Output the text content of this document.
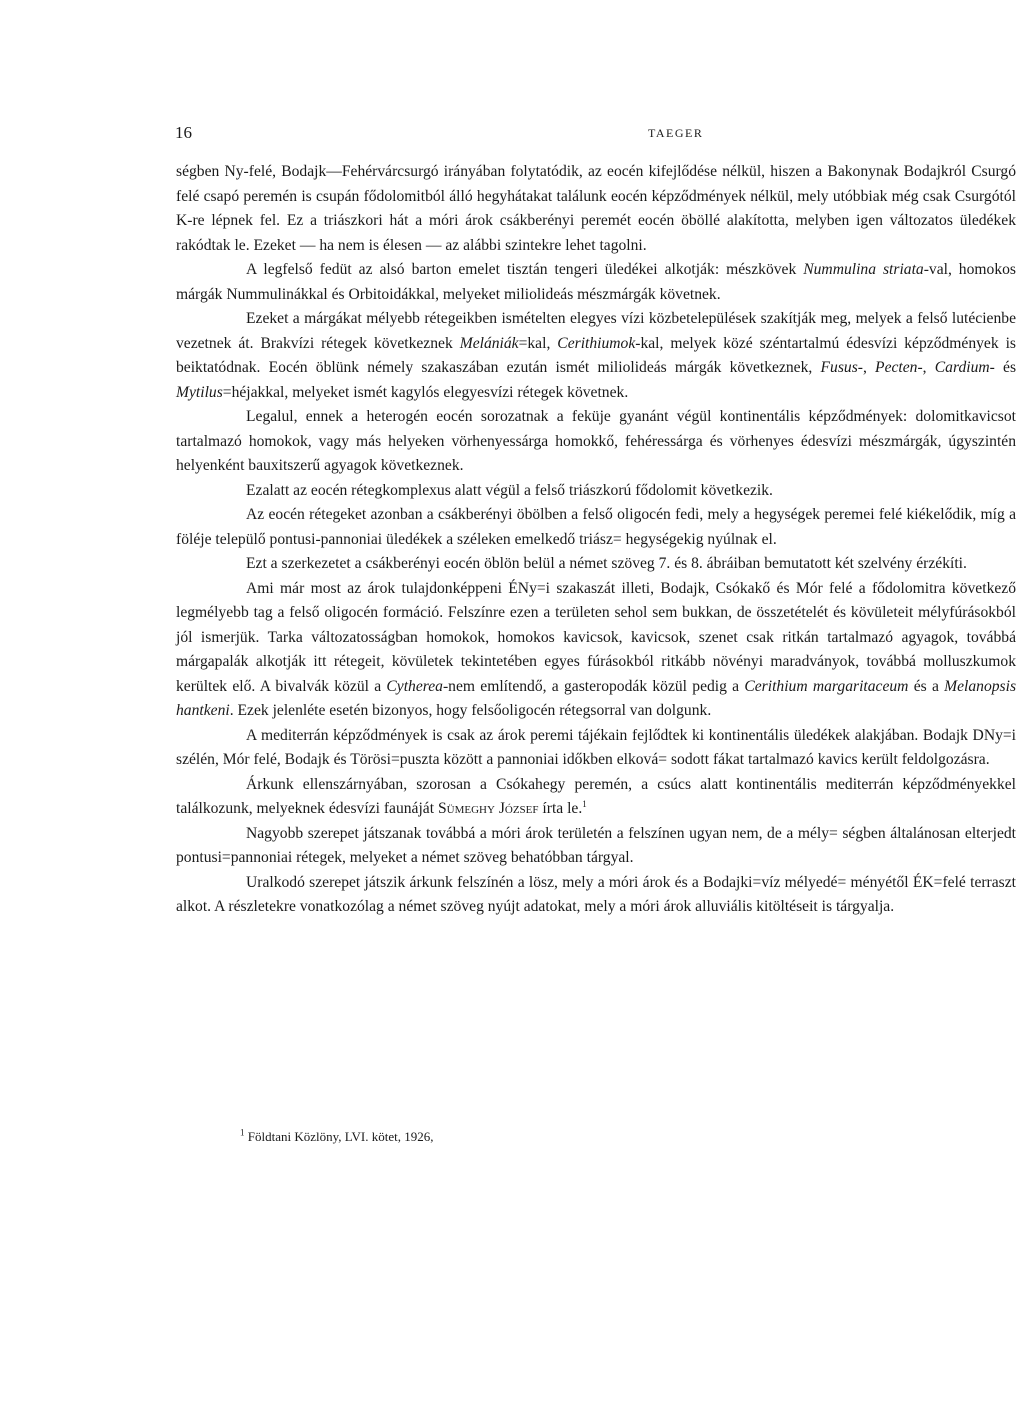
16	TAEGER

ségben Ny-felé, Bodajk—Fehérvárcsurgó irányában folytatódik, az eocén kifejlődése nélkül, hiszen a Bakonynak Bodajkról Csurgó felé csapó peremén is csupán fődolomitból álló hegyhátakat találunk eocén képződmények nélkül, mely utóbbiak még csak Csurgótól K-re lépnek fel. Ez a triászkori hát a móri árok csákberényi peremét eocén öböllé alakította, melyben igen változatos üledékek rakódtak le. Ezeket — ha nem is élesen — az alábbi szintekre lehet tagolni.

A legfelső fedüt az alsó barton emelet tisztán tengeri üledékei alkotják: mészkövek Nummulina striata-val, homokos márgák Nummulinákkal és Orbitoidákkal, melyeket miliolideás mészmárgák követnek.

Ezeket a márgákat mélyebb rétegeikben ismételten elegyes vízi közbetelepülések szakítják meg, melyek a felső lutécienbe vezetnek át. Brakvízi rétegek következnek Melániák=kal, Cerithiumok-kal, melyek közé széntartalmú édesvízi képződmények is beiktatódnak. Eocén öblünk némely szakaszában ezután ismét miliolideás márgák következnek, Fusus-, Pecten-, Cardium- és Mytilus=héjakkal, melyeket ismét kagylós elegyesvízi rétegek követnek.

Legalul, ennek a heterogén eocén sorozatnak a feküje gyanánt végül kontinentális képződmények: dolomitkavicsot tartalmazó homokok, vagy más helyeken vörhenyessárga homokkő, fehéressárga és vörhenyes édesvízi mészmárgák, úgyszintén helyenként bauxitszerű agyagok következnek.

Ezalatt az eocén rétegkomplexus alatt végül a felső triászkorú fődolomit következik.

Az eocén rétegeket azonban a csákberényi öbölben a felső oligocén fedi, mely a hegységek peremei felé kiékelődik, míg a föléje települő pontusi-pannoniai üledékek a széleken emelkedő triász= hegységekig nyúlnak el.

Ezt a szerkezetet a csákberényi eocén öblön belül a német szöveg 7. és 8. ábráiban bemutatott két szelvény érzékíti.

Ami már most az árok tulajdonképpeni ÉNy=i szakaszát illeti, Bodajk, Csókakő és Mór felé a fődolomitra következő legmélyebb tag a felső oligocén formáció. Felszínre ezen a területen sehol sem bukkan, de összetételét és kövületeit mélyfúrásokból jól ismerjük. Tarka változatosságban homokok, homokos kavicsok, kavicsok, szenet csak ritkán tartalmazó agyagok, továbbá márgapalák alkotják itt rétegeit, kövületek tekintetében egyes fúrásokból ritkább növényi maradványok, továbbá molluszkumok kerültek elő. A bivalvák közül a Cytherea-nem említendő, a gasteropodák közül pedig a Cerithium margaritaceum és a Melanopsis hantkeni. Ezek jelenléte esetén bizonyos, hogy felsőoligocén rétegsorral van dolgunk.

A mediterrán képződmények is csak az árok peremi tájékain fejlődtek ki kontinentális üledékek alakjában. Bodajk DNy=i szélén, Mór felé, Bodajk és Törösi=puszta között a pannoniai időkben elková= sodott fákat tartalmazó kavics került feldolgozásra.

Árkunk ellenszárnyában, szorosan a Csókahegy peremén, a csúcs alatt kontinentális mediterrán képződményekkel találkozunk, melyeknek édesvízi faunáját Sümeghy József írta le.$^1$

Nagyobb szerepet játszanak továbbá a móri árok területén a felszínen ugyan nem, de a mély= ségben általánosan elterjedt pontusi=pannoniai rétegek, melyeket a német szöveg behatóbban tárgyal.

Uralkodó szerepet játszik árkunk felszínén a lösz, mely a móri árok és a Bodajki=víz mélyedé= ményétől ÉK=felé terraszt alkot. A részletekre vonatkozólag a német szöveg nyújt adatokat, mely a móri árok alluviális kitöltéseit is tárgyalja.

$^1$ Földtani Közlöny, LVI. kötet, 1926,
